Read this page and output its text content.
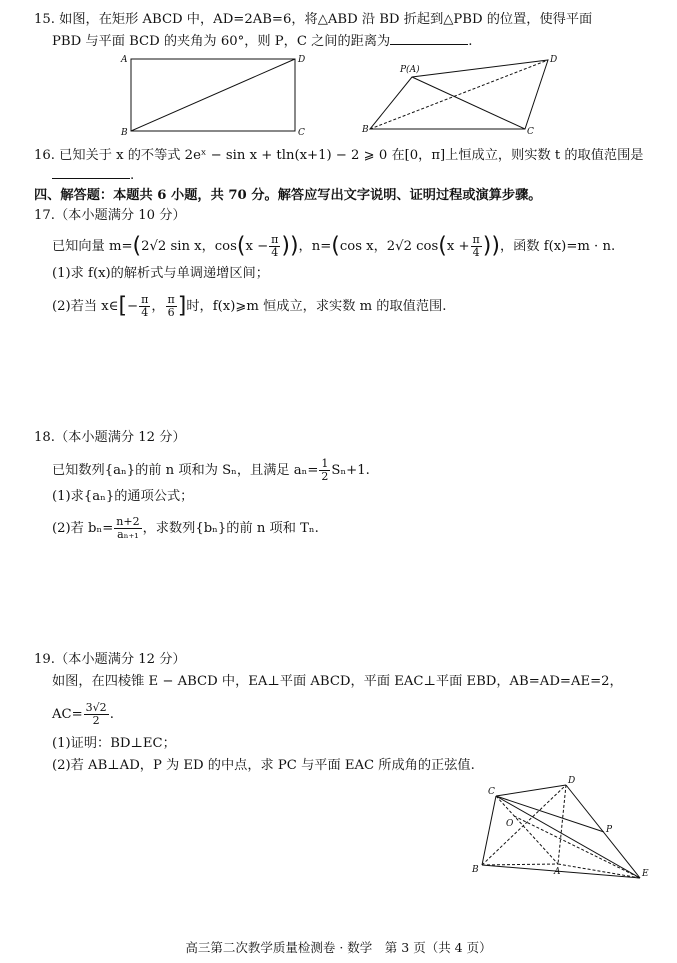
15. 如图，在矩形 ABCD 中，AD=2AB=6，将△ABD 沿 BD 折起到△PBD 的位置，使得平面
PBD 与平面 BCD 的夹角为 60°，则 P，C 之间的距离为	.
A	D
B	C
P(A)
D
B	C
16. 已知关于 x 的不等式 2eˣ − sin x + tln(x+1) − 2 ⩾ 0 在[0，π]上恒成立，则实数 t 的取值范围是
.
四、解答题：本题共 6 小题，共 70 分。解答应写出文字说明、证明过程或演算步骤。
17.（本小题满分 10 分）
已知向量 m=(2√2 sin x，$\cos(x - \frac{\pi}{4}$ ))，n=(cos x，2√2 $\cos(x + \frac{\pi}{4}$ ))，函数 f(x)=m · n.
(1)求 f(x)的解析式与单调递增区间；
(2)若当 x∈[− $\frac{\pi}{4}$ ， $\frac{\pi}{6}$ ]时，f(x)⩾m 恒成立，求实数 m 的取值范围.
18.（本小题满分 12 分）
已知数列{aₙ}的前 n 项和为 Sₙ，且满足 $a_n= \frac{1}{2} S_n+1$.
(1)求{aₙ}的通项公式；
(2)若 $b_n= \frac{n+2}{\text{aₙ₊₁}}$ ，求数列{bₙ}的前 n 项和 Tₙ.
19.（本小题满分 12 分）
如图，在四棱锥 E − ABCD 中，EA⊥平面 ABCD，平面 EAC⊥平面 EBD，AB=AD=AE=2，
$AC= \frac{3√2}{2}$ .
(1)证明：BD⊥EC；
(2)若 AB⊥AD，P 为 ED 的中点，求 PC 与平面 EAC 所成角的正弦值.
C
D
O
P
B	A	E
高三第二次教学质量检测卷 · 数学　第 3 页（共 4 页）
